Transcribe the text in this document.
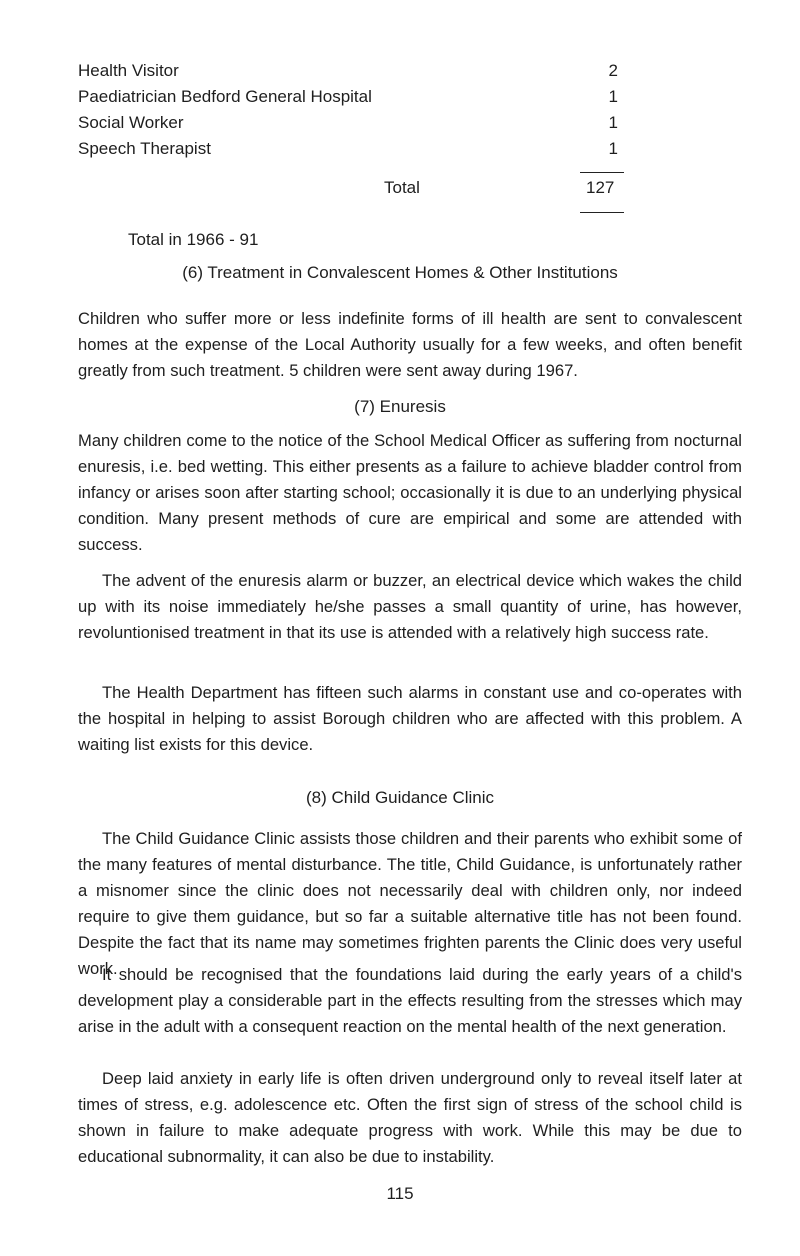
Health Visitor	2
Paediatrician Bedford General Hospital	1
Social Worker	1
Speech Therapist	1
Total	127
Total in 1966 - 91
(6) Treatment in Convalescent Homes & Other Institutions
Children who suffer more or less indefinite forms of ill health are sent to convalescent homes at the expense of the Local Authority usually for a few weeks, and often benefit greatly from such treatment. 5 children were sent away during 1967.
(7) Enuresis
Many children come to the notice of the School Medical Officer as suffering from nocturnal enuresis, i.e. bed wetting. This either presents as a failure to achieve bladder control from infancy or arises soon after starting school; occasionally it is due to an underlying physical condition. Many present methods of cure are empirical and some are attended with success.
The advent of the enuresis alarm or buzzer, an electrical device which wakes the child up with its noise immediately he/she passes a small quantity of urine, has however, revoluntionised treatment in that its use is attended with a relatively high success rate.
The Health Department has fifteen such alarms in constant use and co-operates with the hospital in helping to assist Borough children who are affected with this problem. A waiting list exists for this device.
(8) Child Guidance Clinic
The Child Guidance Clinic assists those children and their parents who exhibit some of the many features of mental disturbance. The title, Child Guidance, is unfortunately rather a misnomer since the clinic does not necessarily deal with children only, nor indeed require to give them guidance, but so far a suitable alternative title has not been found. Despite the fact that its name may sometimes frighten parents the Clinic does very useful work.
It should be recognised that the foundations laid during the early years of a child's development play a considerable part in the effects resulting from the stresses which may arise in the adult with a consequent reaction on the mental health of the next generation.
Deep laid anxiety in early life is often driven underground only to reveal itself later at times of stress, e.g. adolescence etc. Often the first sign of stress of the school child is shown in failure to make adequate progress with work. While this may be due to educational subnormality, it can also be due to instability.
115
